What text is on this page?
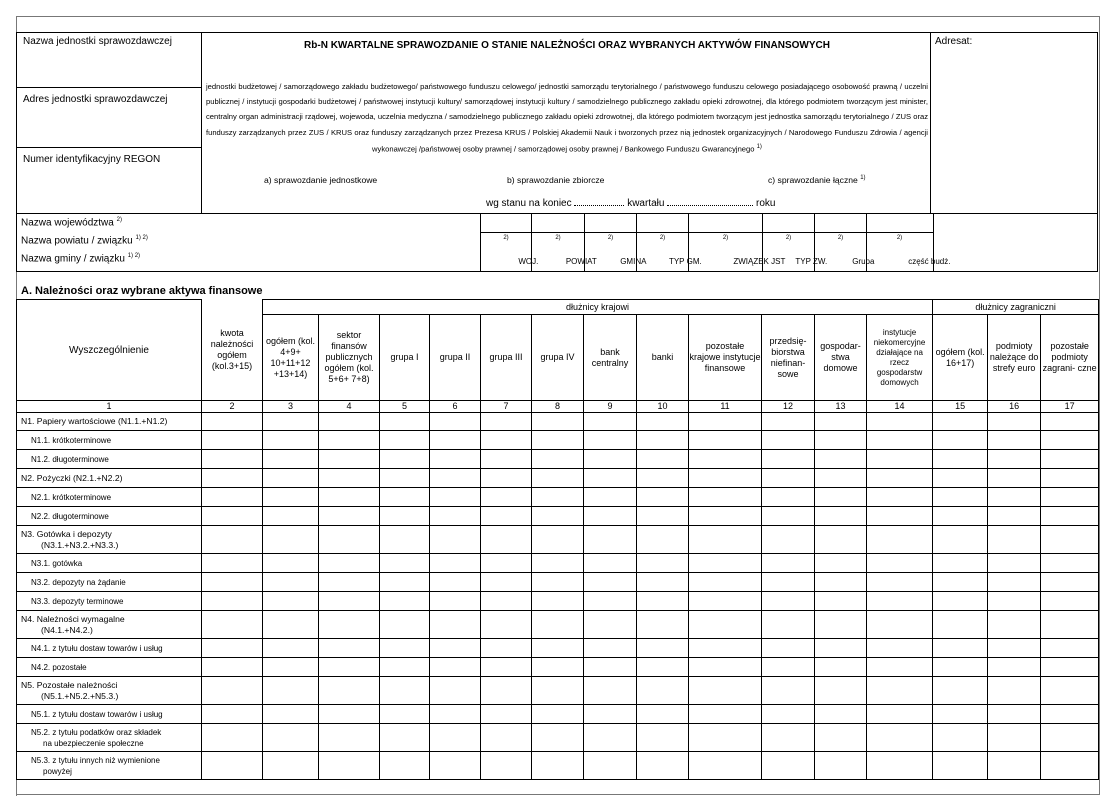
Nazwa jednostki sprawozdawczej
Adres jednostki sprawozdawczej
Numer identyfikacyjny REGON
Rb-N KWARTALNE SPRAWOZDANIE O STANIE NALEŻNOŚCI ORAZ WYBRANYCH AKTYWÓW FINANSOWYCH
jednostki budżetowej / samorządowego zakładu budżetowego/ państwowego funduszu celowego/ jednostki samorządu terytorialnego / państwowego funduszu celowego posiadającego osobowość prawną / uczelni publicznej / instytucji gospodarki budżetowej / państwowej instytucji kultury/ samorządowej instytucji kultury / samodzielnego publicznego zakładu opieki zdrowotnej, dla którego podmiotem tworzącym jest minister, centralny organ administracji rządowej, wojewoda, uczelnia medyczna / samodzielnego publicznego zakładu opieki zdrowotnej, dla którego podmiotem tworzącym jest jednostka samorządu terytorialnego / ZUS oraz funduszy zarządzanych przez ZUS / KRUS oraz funduszy zarządzanych przez Prezesa KRUS / Polskiej Akademii Nauk i tworzonych przez nią jednostek organizacyjnych / Narodowego Funduszu Zdrowia / agencji wykonawczej /państwowej osoby prawnej / samorządowej osoby prawnej / Bankowego Funduszu Gwarancyjnego $^{1)}$
a) sprawozdanie jednostkowe	b) sprawozdanie zbiorcze	c) sprawozdanie łączne $^{1)}$
wg stanu na koniec	kwartału	roku
Adresat:
Nazwa województwa $^{2)}$
Nazwa powiatu / związku $^{1) 2)}$
Nazwa gminy / związku $^{1) 2)}$
WOJ.
$^{2)}$
POWIAT
$^{2)}$
GMINA
$^{2)}$
TYP GM.
$^{2)}$
ZWIĄZEK JST
$^{2)}$
TYP ZW.
$^{2)}$
Grupa
$^{2)}$
część budż.
$^{2)}$
A. Należności oraz wybrane aktywa finansowe
Wyszczególnienie	kwota należności ogółem (kol.3+15)	dłużnicy krajowi												dłużnicy zagraniczni		
		ogółem (kol. 4+9+ 10+11+12 +13+14)	sektor finansów publicznych ogółem (kol. 5+6+ 7+8)	grupa I	grupa II	grupa III	grupa IV	bank centralny	banki	pozostałe krajowe instytucje finansowe	przedsię- biorstwa niefinan- sowe	gospodar- stwa domowe	instytucje niekomercyjne działające na rzecz gospodarstw domowych	ogółem (kol. 16+17)	podmioty należące do strefy euro	pozostałe podmioty zagrani- czne
1	2	3	4	5	6	7	8	9	10	11	12	13	14	15	16	17

N1. Papiery wartościowe (N1.1.+N1.2)																

N1.1. krótkoterminowe																

N1.2. długoterminowe																

N2. Pożyczki (N2.1.+N2.2)																

N2.1. krótkoterminowe																

N2.2. długoterminowe																

N3. Gotówka i depozyty
(N3.1.+N3.2.+N3.3.)																

N3.1. gotówka																

N3.2. depozyty na żądanie																

N3.3. depozyty terminowe																

N4. Należności wymagalne
(N4.1.+N4.2.)																

N4.1. z tytułu dostaw towarów i usług																

N4.2. pozostałe																

N5. Pozostałe należności
(N5.1.+N5.2.+N5.3.)																

N5.1. z tytułu dostaw towarów i usług																

N5.2. z tytułu podatków oraz składek
na ubezpieczenie społeczne																

N5.3. z tytułu innych niż wymienione
powyżej																
